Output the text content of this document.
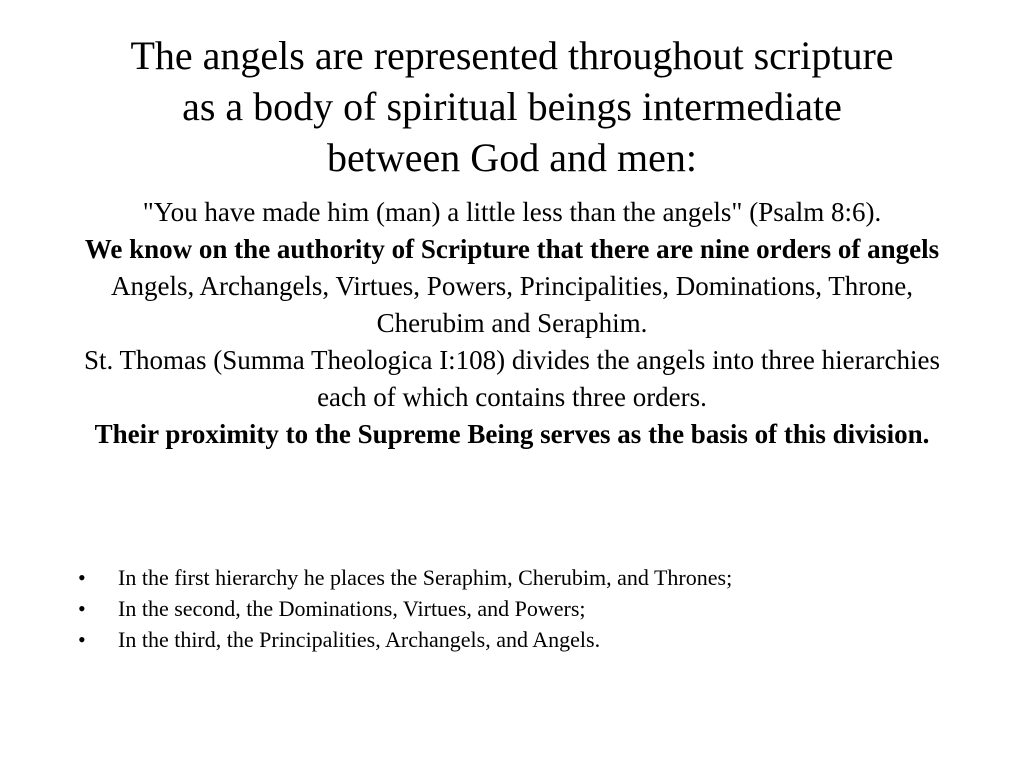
The angels are represented throughout scripture as a body of spiritual beings intermediate between God and men:

"You have made him (man) a little less than the angels" (Psalm 8:6).

We know on the authority of Scripture that there are nine orders of angels

Angels, Archangels, Virtues, Powers, Principalities, Dominations, Throne, Cherubim and Seraphim.

St. Thomas (Summa Theologica I:108) divides the angels into three hierarchies each of which contains three orders.

Their proximity to the Supreme Being serves as the basis of this division.

• In the first hierarchy he places the Seraphim, Cherubim, and Thrones;
• In the second, the Dominations, Virtues, and Powers;
• In the third, the Principalities, Archangels, and Angels.
